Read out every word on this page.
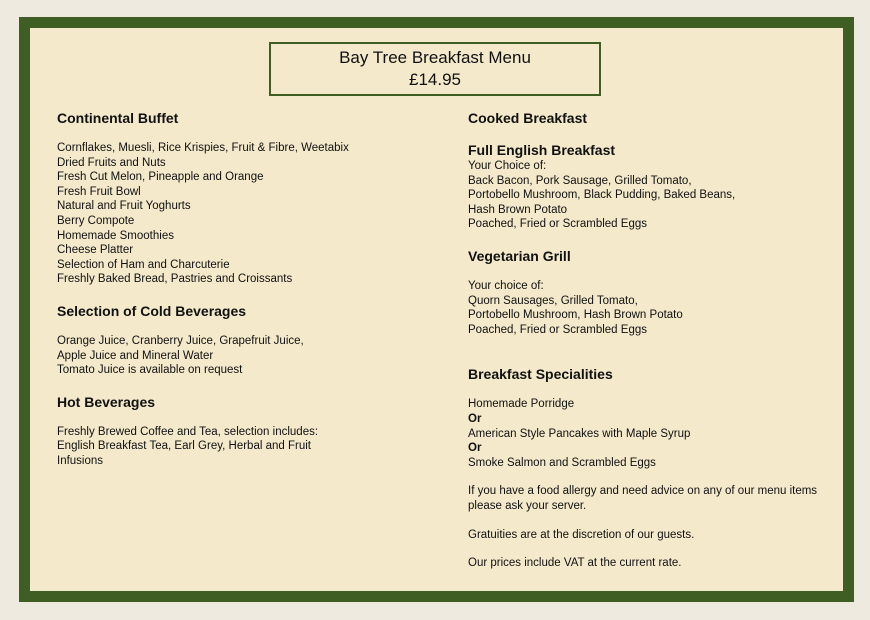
Bay Tree Breakfast Menu
£14.95
Continental Buffet
Cornflakes, Muesli, Rice Krispies, Fruit & Fibre, Weetabix
Dried Fruits and Nuts
Fresh Cut Melon, Pineapple and Orange
Fresh Fruit Bowl
Natural and Fruit Yoghurts
Berry Compote
Homemade Smoothies
Cheese Platter
Selection of Ham and Charcuterie
Freshly Baked Bread, Pastries and Croissants
Selection of Cold Beverages
Orange Juice, Cranberry Juice, Grapefruit Juice,
Apple Juice and Mineral Water
Tomato Juice is available on request
Hot Beverages
Freshly Brewed Coffee and Tea, selection includes:
English Breakfast Tea, Earl Grey, Herbal and Fruit
Infusions
Cooked Breakfast
Full English Breakfast
Your Choice of:
Back Bacon, Pork Sausage, Grilled Tomato,
Portobello Mushroom, Black Pudding, Baked Beans,
Hash Brown Potato
Poached, Fried or Scrambled Eggs
Vegetarian Grill
Your choice of:
Quorn Sausages, Grilled Tomato,
Portobello Mushroom, Hash Brown Potato
Poached, Fried or Scrambled Eggs
Breakfast Specialities
Homemade Porridge
Or
American Style Pancakes with Maple Syrup
Or
Smoke Salmon and Scrambled Eggs
If you have a food allergy and need advice on any of our menu items
please ask your server.
Gratuities are at the discretion of our guests.
Our prices include VAT at the current rate.
